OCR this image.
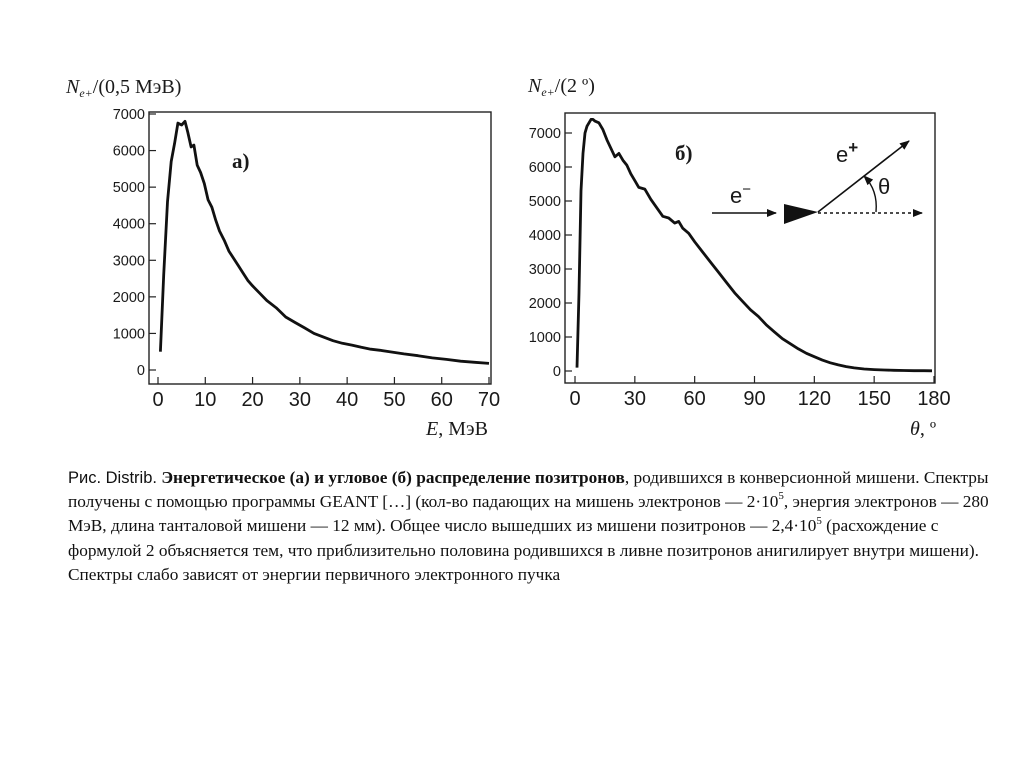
$N_{e+}/(0,5$ МэВ)
0
1000
2000
3000
4000
5000
6000
7000
0 10 20 30 40 50 60 70
а)
E, МэВ
$N_{e+}/(2$ º)
0
1000
2000
3000
4000
5000
6000
7000
0 30 60 90 120 150 180
б)
θ, º
e−
e+
θ
Рис. Distrib. Энергетическое (а) и угловое (б) распределение позитронов, родившихся в конверсионной мишени. Спектры получены с помощью программы GEANT […] (кол-во падающих на мишень электронов — $2\cdot 10^5$, энергия электронов — 280 МэВ, длина танталовой мишени — 12 мм). Общее число вышедших из мишени позитронов — $2,4\cdot 10^5$ (расхождение с формулой 2 объясняется тем, что приблизительно половина родившихся в ливне позитронов анигилирует внутри мишени). Спектры слабо зависят от энергии первичного электронного пучка
